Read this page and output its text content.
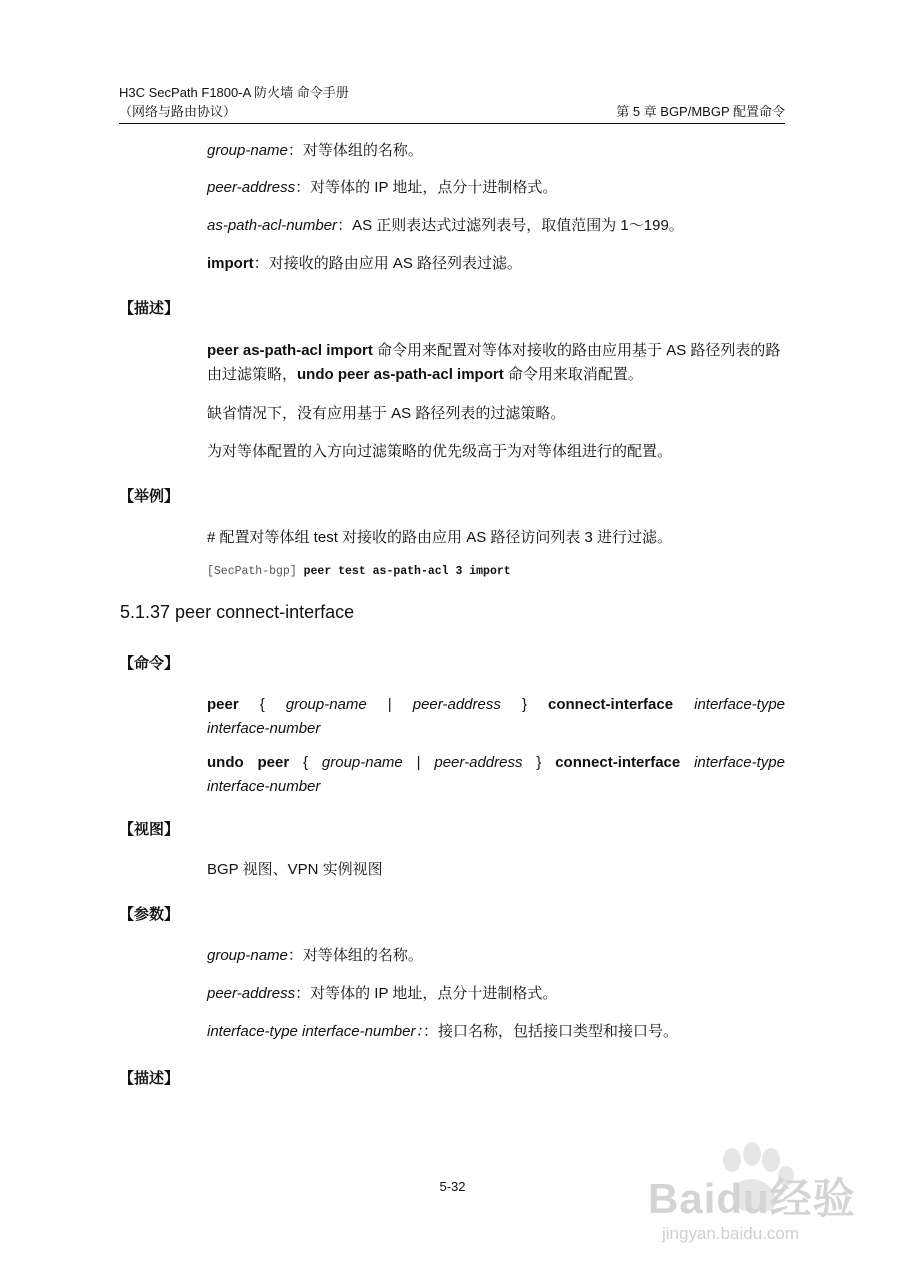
H3C SecPath F1800-A 防火墙 命令手册
（网络与路由协议）	第 5 章 BGP/MBGP 配置命令
group-name：对等体组的名称。
peer-address：对等体的 IP 地址，点分十进制格式。
as-path-acl-number：AS 正则表达式过滤列表号，取值范围为 1～199。
import：对接收的路由应用 AS 路径列表过滤。
【描述】
peer as-path-acl import 命令用来配置对等体对接收的路由应用基于 AS 路径列表的路由过滤策略，undo peer as-path-acl import 命令用来取消配置。
缺省情况下，没有应用基于 AS 路径列表的过滤策略。
为对等体配置的入方向过滤策略的优先级高于为对等体组进行的配置。
【举例】
# 配置对等体组 test 对接收的路由应用 AS 路径访问列表 3 进行过滤。
[SecPath-bgp] peer test as-path-acl 3 import
5.1.37 peer connect-interface
【命令】
peer { group-name | peer-address } connect-interface interface-type
interface-number
undo peer { group-name | peer-address } connect-interface interface-type
interface-number
【视图】
BGP 视图、VPN 实例视图
【参数】
group-name：对等体组的名称。
peer-address：对等体的 IP 地址，点分十进制格式。
interface-type interface-number：：接口名称，包括接口类型和接口号。
【描述】
5-32	Baidu经验
jingyan.baidu.com
